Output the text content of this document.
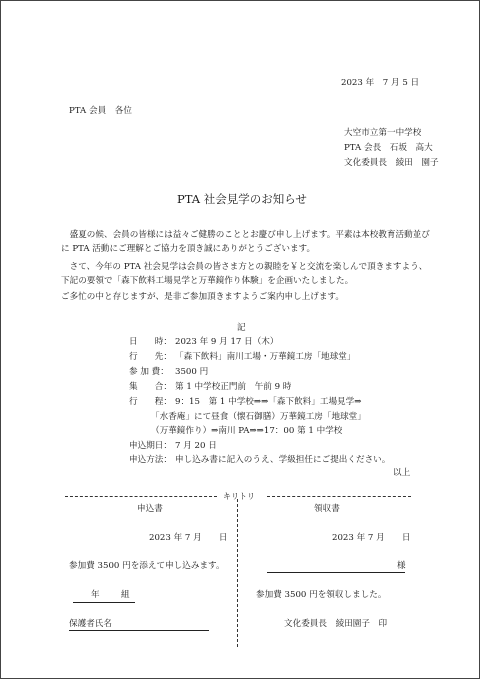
2023 年　7 月 5 日
PTA 会員　各位
大空市立第一中学校
PTA 会長　石坂　高大
文化委員長　綾田　園子
PTA 社会見学のお知らせ
盛夏の候、会員の皆様には益々ご健勝のこととお慶び申し上げます。平素は本校教育活動並びに PTA 活動にご理解とご協力を頂き誠にありがとうございます。
さて、今年の PTA 社会見学は会員の皆さま方との親睦を￥と交流を楽しんで頂きますよう、下記の要領で「森下飲料工場見学と万華鏡作り体験」を企画いたしました。
ご多忙の中と存じますが、是非ご参加頂きますようご案内申し上げます。
記
日　　時： 2023 年 9 月 17 日（木）
行　　先： 「森下飲料」南川工場・万華鏡工房「地球堂」
参 加 費： 3500 円
集　　合： 第 1 中学校正門前　午前 9 時
行　　程： 9：15　第 1 中学校⇒⇒「森下飲料」工場見学⇒
「水香庵」にて昼食（懐石御膳）万華鏡工房「地球堂」
（万華鏡作り）⇒南川 PA⇒⇒17：00 第 1 中学校
申込期日： 7 月 20 日
申込方法： 申し込み書に記入のうえ、学級担任にご提出ください。
以上
キリトリ
申込書
2023 年 7 月　　日
参加費 3500 円を添えて申し込みます。
年 組
保護者氏名
領収書
2023 年 7 月　　日
様
参加費 3500 円を領収しました。
文化委員長　綾田園子　印
